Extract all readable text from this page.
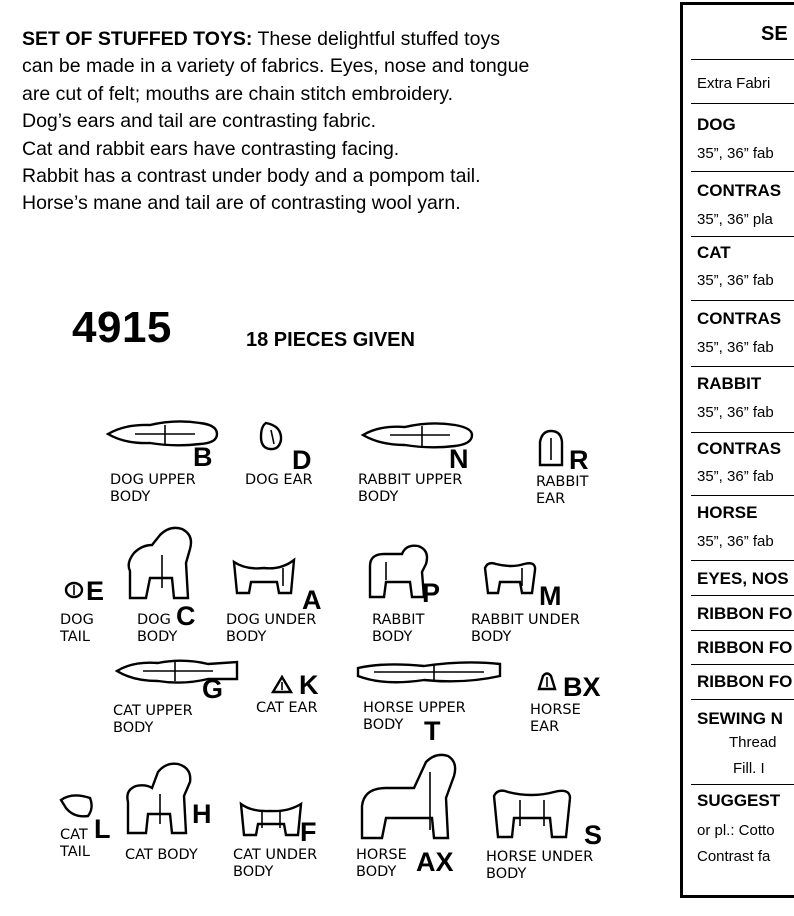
SET OF STUFFED TOYS: These delightful stuffed toys
can be made in a variety of fabrics. Eyes, nose and tongue
are cut of felt; mouths are chain stitch embroidery.
Dog’s ears and tail are contrasting fabric.
Cat and rabbit ears have contrasting facing.
Rabbit has a contrast under body and a pompom tail.
Horse’s mane and tail are of contrasting wool yarn.
4915	18 PIECES GIVEN
B
DOG UPPER
BODY
D
DOG EAR
N
RABBIT UPPER
BODY
R
RABBIT
EAR
E
DOG
TAIL
C
DOG
BODY
A
DOG UNDER
BODY
P
RABBIT
BODY
M
RABBIT UNDER
BODY
G
CAT UPPER
BODY
K
CAT EAR
T
HORSE UPPER
BODY
BX
HORSE
EAR
L
CAT
TAIL
H
CAT BODY
F
CAT UNDER
BODY	AX
HORSE
BODY
S
HORSE UNDER
BODY
SE
Extra Fabri
DOG
35”, 36” fab
CONTRAS
35”, 36” pla
CAT
35”, 36” fab
CONTRAS
35”, 36” fab
RABBIT
35”, 36” fab
CONTRAS
35”, 36” fab
HORSE
35”, 36” fab
EYES, NOS
RIBBON FO
RIBBON FO
RIBBON FO
SEWING N
Thread
Fill. I
SUGGEST
or pl.: Cotto
Contrast fa
